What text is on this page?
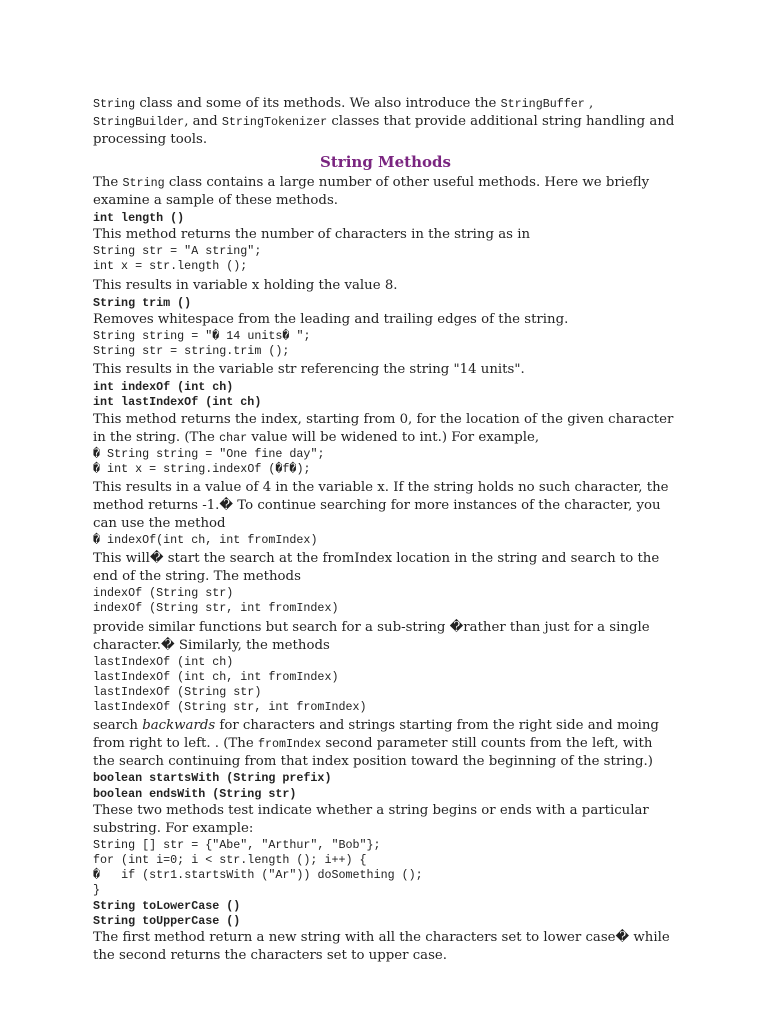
String class and some of its methods. We also introduce the StringBuffer ,
StringBuilder, and StringTokenizer classes that provide additional string handling and
processing tools.

String Methods

The String class contains a large number of other useful methods. Here we briefly examine a sample of these methods.

int length ()

This method returns the number of characters in the string as in

String str = "A string";
int x = str.length ();

This results in variable x holding the value 8.

String trim ()

Removes whitespace from the leading and trailing edges of the string.

String string = "� 14 units� ";
String str = string.trim ();

This results in the variable str referencing the string "14 units".

int indexOf (int ch)
int lastIndexOf (int ch)

This method returns the index, starting from 0, for the location of the given character in the string. (The char value will be widened to int.) For example,

� String string = "One fine day";
� int x = string.indexOf (�f�);

This results in a value of 4 in the variable x. If the string holds no such character, the method returns -1.� To continue searching for more instances of the character, you can use the method

� indexOf(int ch, int fromIndex)

This will� start the search at the fromIndex location in the string and search to the end of the string. The methods

indexOf (String str)
indexOf (String str, int fromIndex)

provide similar functions but search for a sub-string �rather than just for a single character.� Similarly, the methods

lastIndexOf (int ch)
lastIndexOf (int ch, int fromIndex)
lastIndexOf (String str)
lastIndexOf (String str, int fromIndex)

search backwards for characters and strings starting from the right side and moing from right to left. . (The fromIndex second parameter still counts from the left, with the search continuing from that index position toward the beginning of the string.)

boolean startsWith (String prefix)
boolean endsWith (String str)

These two methods test indicate whether a string begins or ends with a particular substring. For example:

String [] str = {"Abe", "Arthur", "Bob"};
for (int i=0; i < str.length (); i++) {
�   if (str1.startsWith ("Ar")) doSomething ();
}
String toLowerCase ()
String toUpperCase ()

The first method return a new string with all the characters set to lower case� while the second returns the characters set to upper case.
